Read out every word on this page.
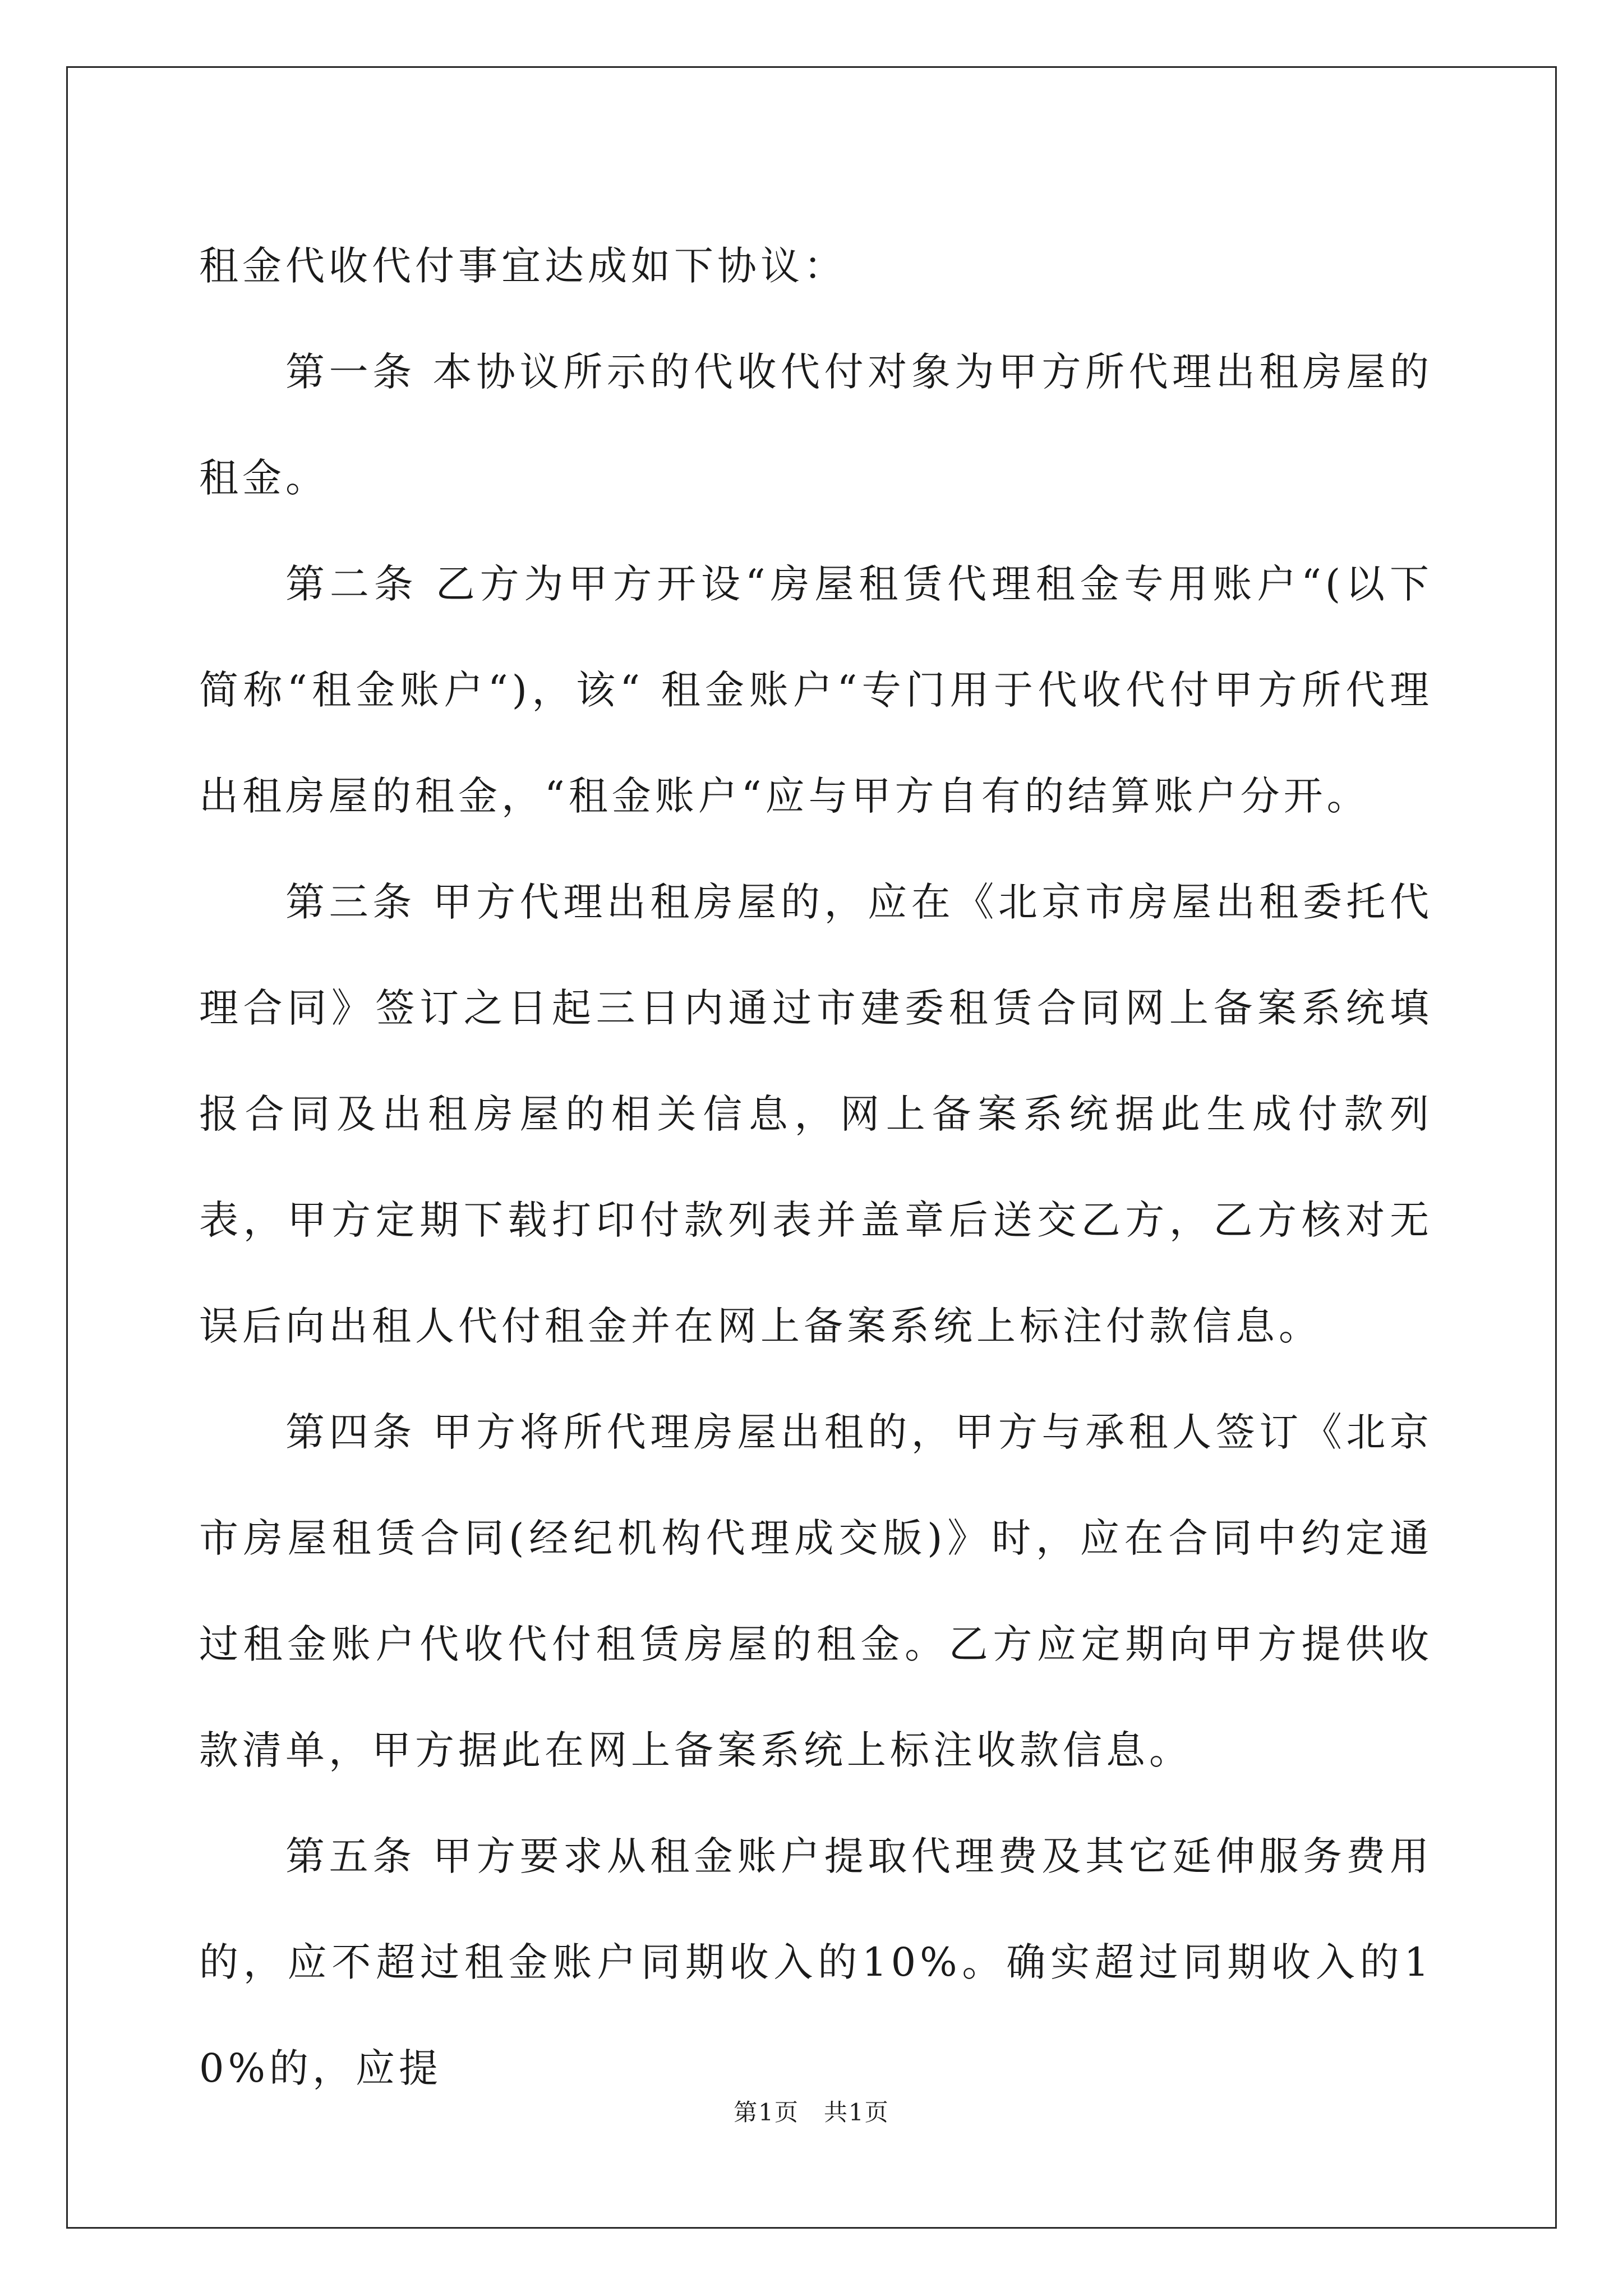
租金代收代付事宜达成如下协议：

第一条 本协议所示的代收代付对象为甲方所代理出租房屋的租金。

第二条 乙方为甲方开设“房屋租赁代理租金专用账户“(以下简称“租金账户“)，该“ 租金账户“专门用于代收代付甲方所代理出租房屋的租金，“租金账户“应与甲方自有的结算账户分开。

第三条 甲方代理出租房屋的，应在《北京市房屋出租委托代理合同》签订之日起三日内通过市建委租赁合同网上备案系统填报合同及出租房屋的相关信息，网上备案系统据此生成付款列表，甲方定期下载打印付款列表并盖章后送交乙方，乙方核对无误后向出租人代付租金并在网上备案系统上标注付款信息。

第四条 甲方将所代理房屋出租的，甲方与承租人签订《北京市房屋租赁合同(经纪机构代理成交版)》时，应在合同中约定通过租金账户代收代付租赁房屋的租金。乙方应定期向甲方提供收款清单，甲方据此在网上备案系统上标注收款信息。

第五条 甲方要求从租金账户提取代理费及其它延伸服务费用的，应不超过租金账户同期收入的10%。确实超过同期收入的10%的，应提

第1页　共1页
